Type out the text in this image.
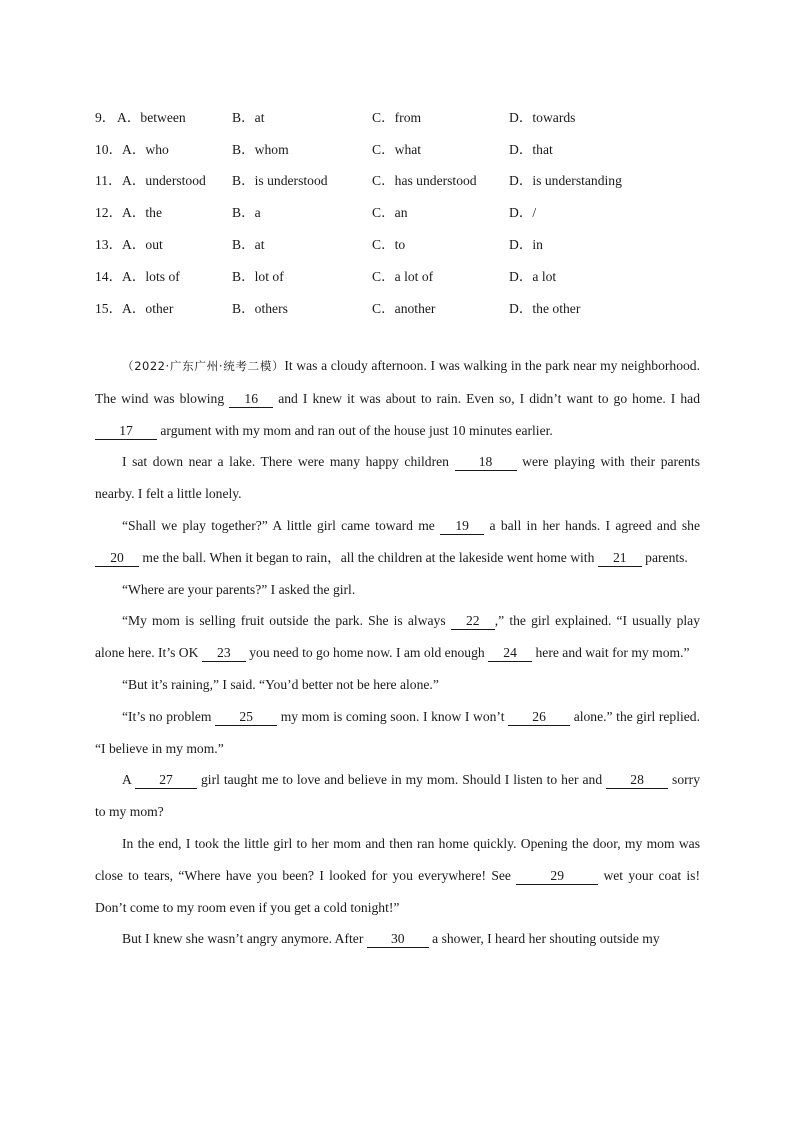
9． A．between	B．at	C．from	D．towards
10． A．who	B．whom	C．what	D．that
11． A．understood	B．is understood	C．has understood	D．is understanding
12． A．the	B．a	C．an	D．/
13． A．out	B．at	C．to	D．in
14． A．lots of	B．lot of	C．a lot of	D．a lot
15． A．other	B．others	C．another	D．the other

（2022·广东广州·统考二模）It was a cloudy afternoon. I was walking in the park near my neighborhood. The wind was blowing 16 and I knew it was about to rain. Even so, I didn’t want to go home. I had 17 argument with my mom and ran out of the house just 10 minutes earlier.

I sat down near a lake. There were many happy children 18 were playing with their parents nearby. I felt a little lonely.

“Shall we play together?” A little girl came toward me 19 a ball in her hands. I agreed and she 20 me the ball. When it began to rain，all the children at the lakeside went home with 21 parents.

“Where are your parents?” I asked the girl.

“My mom is selling fruit outside the park. She is always 22 ,” the girl explained. “I usually play alone here. It’s OK 23 you need to go home now. I am old enough 24 here and wait for my mom.”

“But it’s raining,” I said. “You’d better not be here alone.”

“It’s no problem 25 my mom is coming soon. I know I won’t 26 alone.” the girl replied. “I believe in my mom.”

A 27 girl taught me to love and believe in my mom. Should I listen to her and 28 sorry to my mom?

In the end, I took the little girl to her mom and then ran home quickly. Opening the door, my mom was close to tears, “Where have you been? I looked for you everywhere! See	29	wet your coat is! Don’t come to my room even if you get a cold tonight!”

But I knew she wasn’t angry anymore. After 30 a shower, I heard her shouting outside my
